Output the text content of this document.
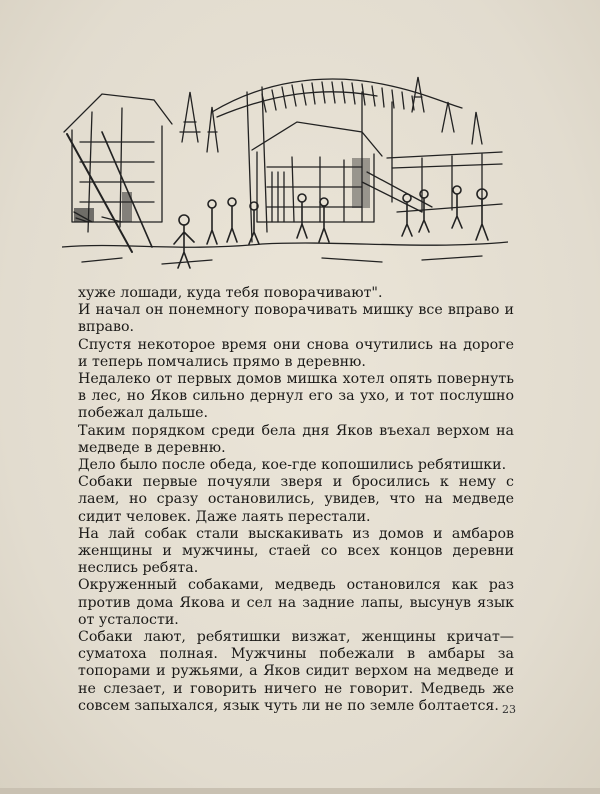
хуже лошади, куда тебя поворачивают".

И начал он понемногу поворачивать мишку все вправо и вправо.

Спустя некоторое время они снова очутились на дороге и теперь помчались прямо в деревню.

Недалеко от первых домов мишка хотел опять повернуть в лес, но Яков сильно дернул его за ухо, и тот послушно побежал дальше.

Таким порядком среди бела дня Яков въехал верхом на медведе в деревню.

Дело было после обеда, кое-где копошились ребятишки.

Собаки первые почуяли зверя и бросились к нему с лаем, но сразу остановились, увидев, что на медведе сидит человек. Даже лаять перестали.

На лай собак стали выскакивать из домов и амбаров женщины и мужчины, стаей со всех концов деревни неслись ребята.

Окруженный собаками, медведь остановился как раз против дома Якова и сел на задние лапы, высунув язык от усталости.

Собаки лают, ребятишки визжат, женщины кричат—суматоха полная. Мужчины побежали в амбары за топорами и ружьями, а Яков сидит верхом на медведе и не слезает, и говорить ничего не говорит. Медведь же совсем запыхался, язык чуть ли не по земле болтается. 23
